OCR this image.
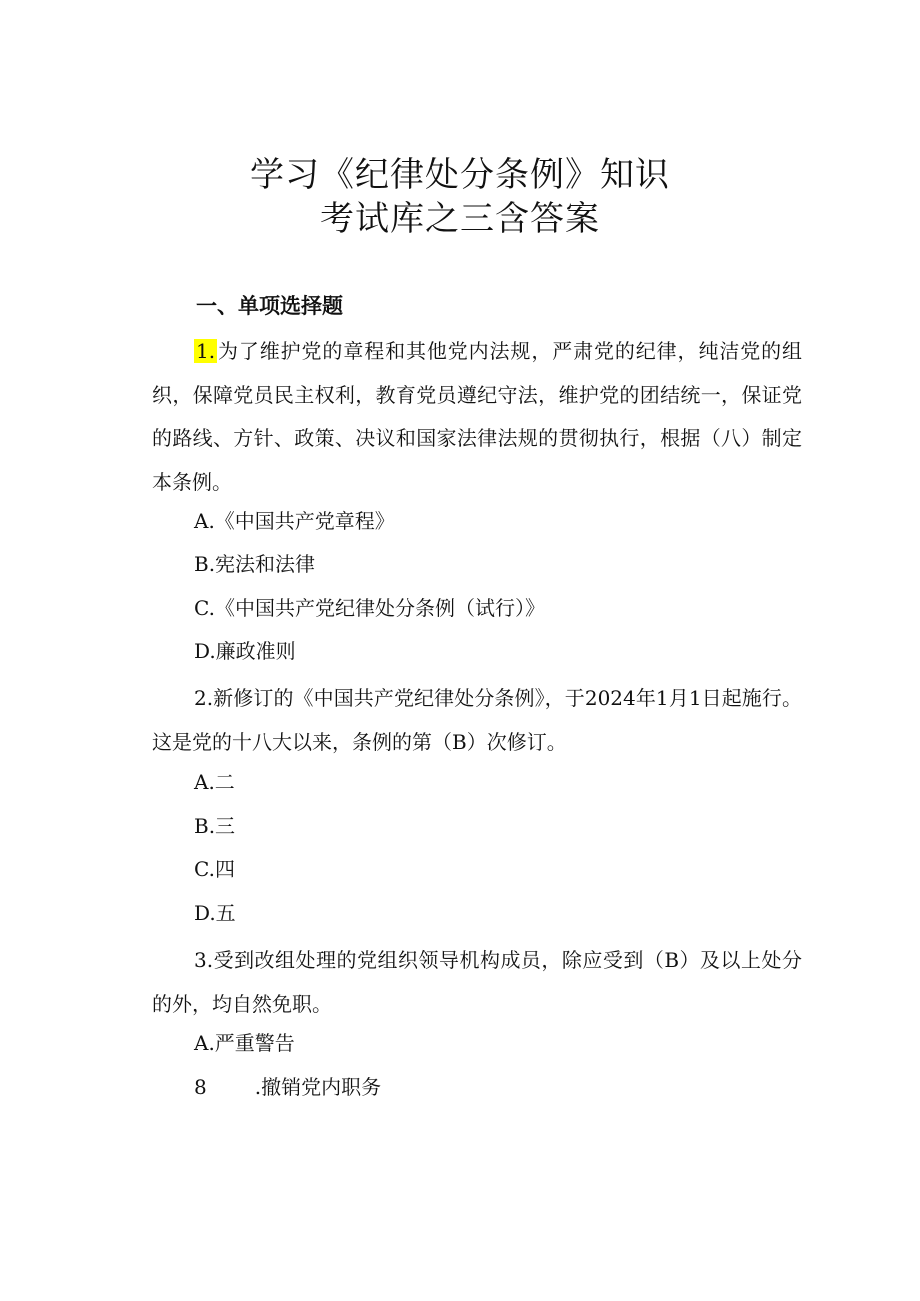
学习《纪律处分条例》知识
考试库之三含答案
一、单项选择题

1. 为了维护党的章程和其他党内法规，严肃党的纪律，纯洁党的组织，保障党员民主权利，教育党员遵纪守法，维护党的团结统一，保证党的路线、方针、政策、决议和国家法律法规的贯彻执行，根据（八）制定本条例。

A.《中国共产党章程》

B.宪法和法律

C.《中国共产党纪律处分条例（试行）》

D.廉政准则

2.新修订的《中国共产党纪律处分条例》，于2024年1月1日起施行。这是党的十八大以来，条例的第（B）次修订。

A.二

B.三

C.四

D.五

3.受到改组处理的党组织领导机构成员，除应受到（B）及以上处分的外，均自然免职。

A.严重警告

8 .撤销党内职务
